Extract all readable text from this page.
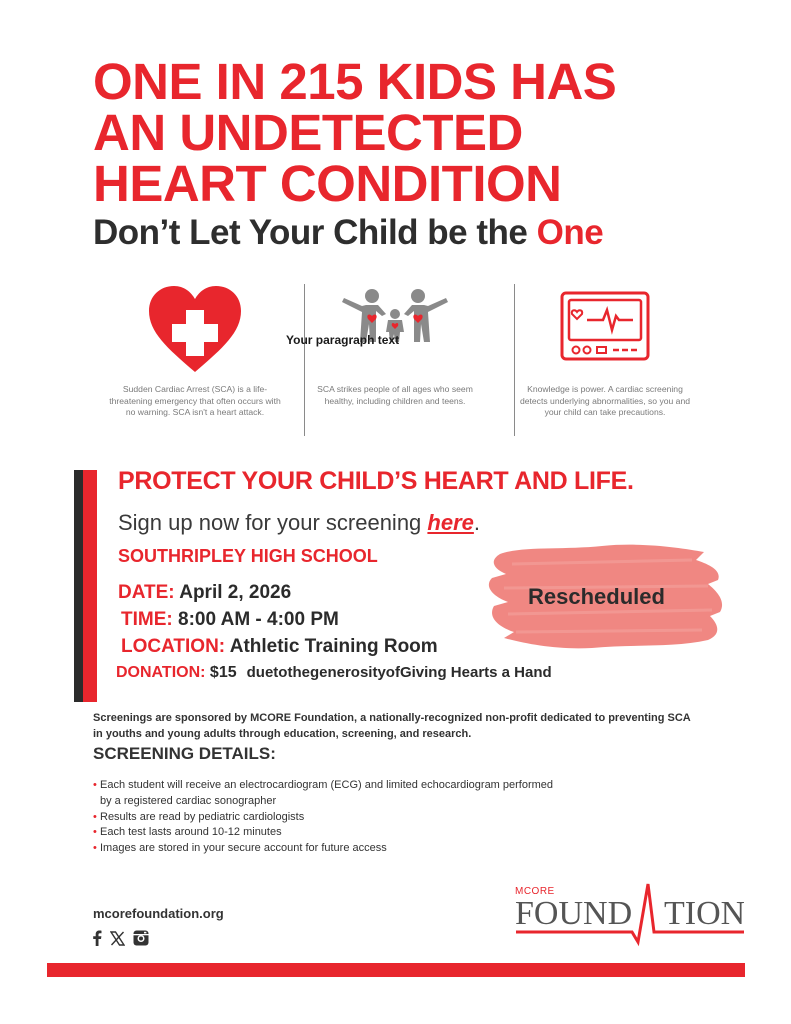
ONE IN 215 KIDS HAS
AN UNDETECTED
HEART CONDITION
Don’t Let Your Child be the One
Sudden Cardiac Arrest (SCA) is a life-threatening emergency that often occurs with no warning. SCA isn't a heart attack.
SCA strikes people of all ages who seem healthy, including children and teens.
Knowledge is power. A cardiac screening detects underlying abnormalities, so you and your child can take precautions.
Your paragraph text
PROTECT YOUR CHILD’S HEART AND LIFE.
Sign up now for your screening here.
SOUTHRIPLEY HIGH SCHOOL
Rescheduled
DATE: April 2, 2026
TIME: 8:00 AM - 4:00 PM
LOCATION: Athletic Training Room
DONATION: $15 duetothegenerosityofGiving Hearts a Hand
Screenings are sponsored by MCORE Foundation, a nationally-recognized non-profit dedicated to preventing SCA in youths and young adults through education, screening, and research.
SCREENING DETAILS:
• Each student will receive an electrocardiogram (ECG) and limited echocardiogram performed by a registered cardiac sonographer
• Results are read by pediatric cardiologists
• Each test lasts around 10-12 minutes
• Images are stored in your secure account for future access
mcorefoundation.org
MCORE
FOUND TION
